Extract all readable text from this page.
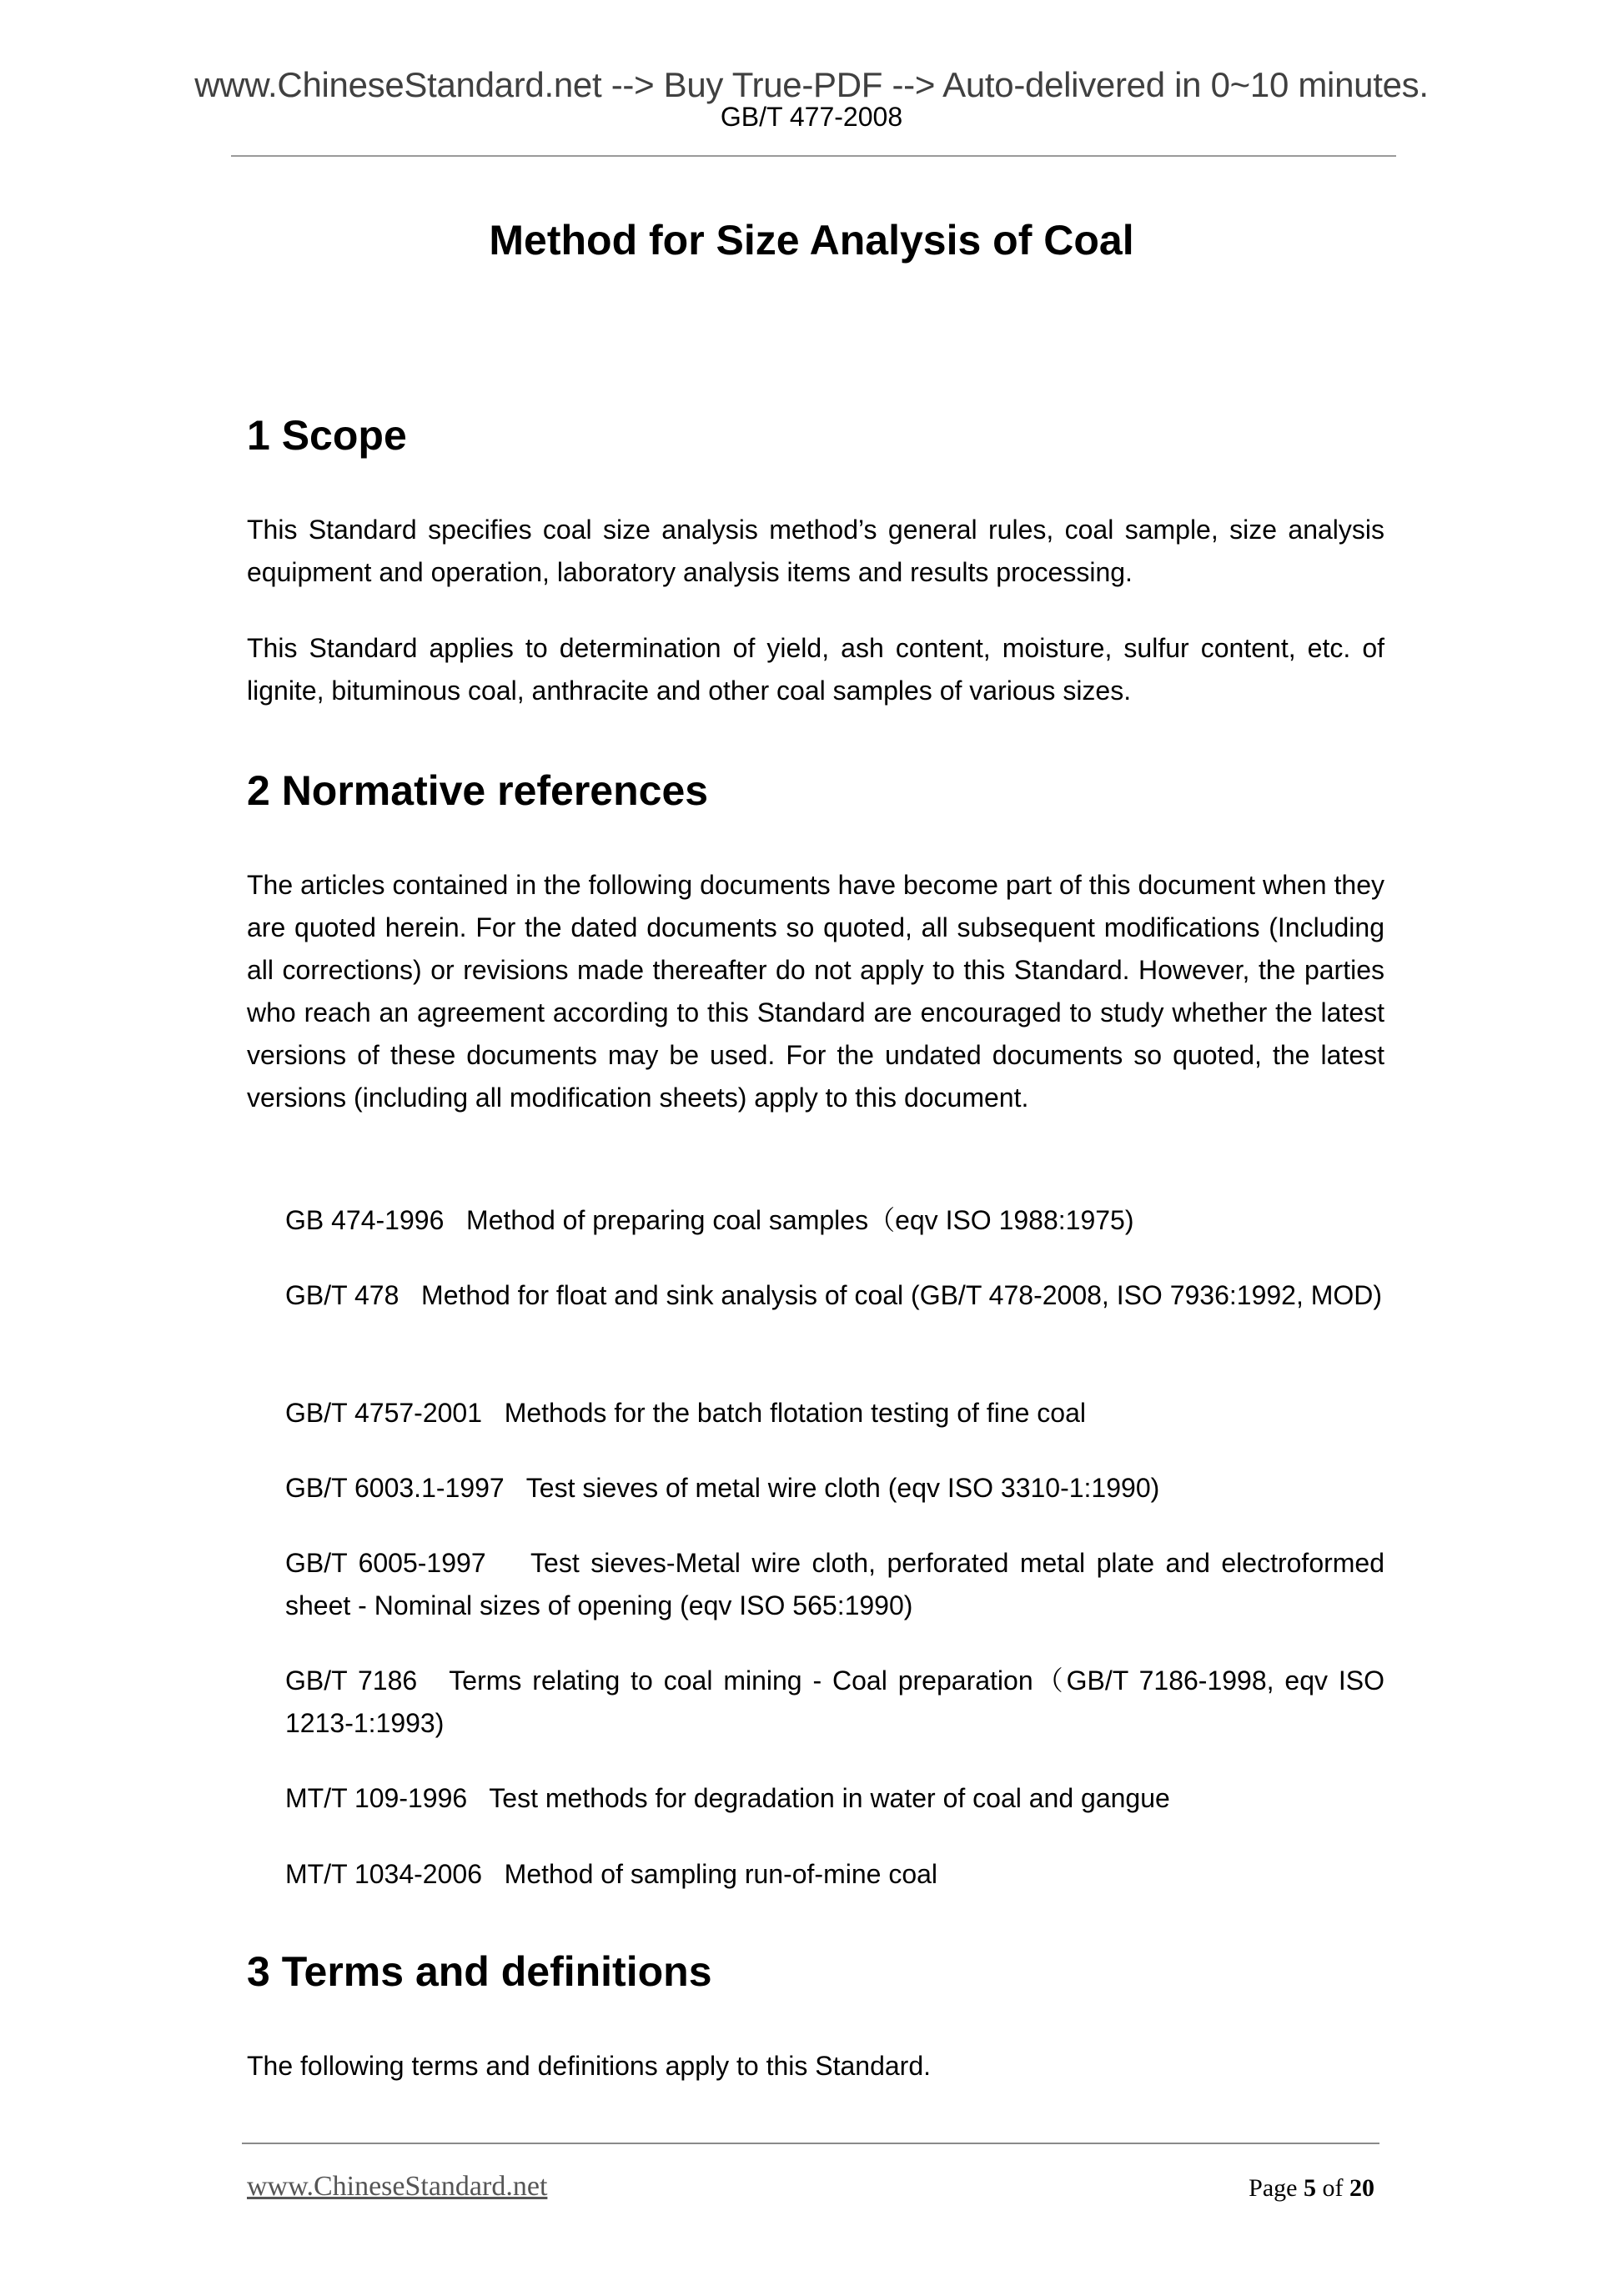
www.ChineseStandard.net --> Buy True-PDF --> Auto-delivered in 0~10 minutes.
GB/T 477-2008
Method for Size Analysis of Coal
1 Scope

This Standard specifies coal size analysis method’s general rules, coal sample, size analysis equipment and operation, laboratory analysis items and results processing.

This Standard applies to determination of yield, ash content, moisture, sulfur content, etc. of lignite, bituminous coal, anthracite and other coal samples of various sizes.

2 Normative references

The articles contained in the following documents have become part of this document when they are quoted herein. For the dated documents so quoted, all subsequent modifications (Including all corrections) or revisions made thereafter do not apply to this Standard. However, the parties who reach an agreement according to this Standard are encouraged to study whether the latest versions of these documents may be used. For the undated documents so quoted, the latest versions (including all modification sheets) apply to this document.

GB 474-1996 Method of preparing coal samples（eqv ISO 1988:1975)

GB/T 478 Method for float and sink analysis of coal (GB/T 478-2008, ISO 7936:1992, MOD)

GB/T 4757-2001 Methods for the batch flotation testing of fine coal

GB/T 6003.1-1997 Test sieves of metal wire cloth (eqv ISO 3310-1:1990)

GB/T 6005-1997 Test sieves-Metal wire cloth, perforated metal plate and electroformed sheet - Nominal sizes of opening (eqv ISO 565:1990)

GB/T 7186 Terms relating to coal mining - Coal preparation（GB/T 7186-1998, eqv ISO 1213-1:1993)

MT/T 109-1996 Test methods for degradation in water of coal and gangue

MT/T 1034-2006 Method of sampling run-of-mine coal

3 Terms and definitions

The following terms and definitions apply to this Standard.

www.ChineseStandard.net	Page 5 of 20
